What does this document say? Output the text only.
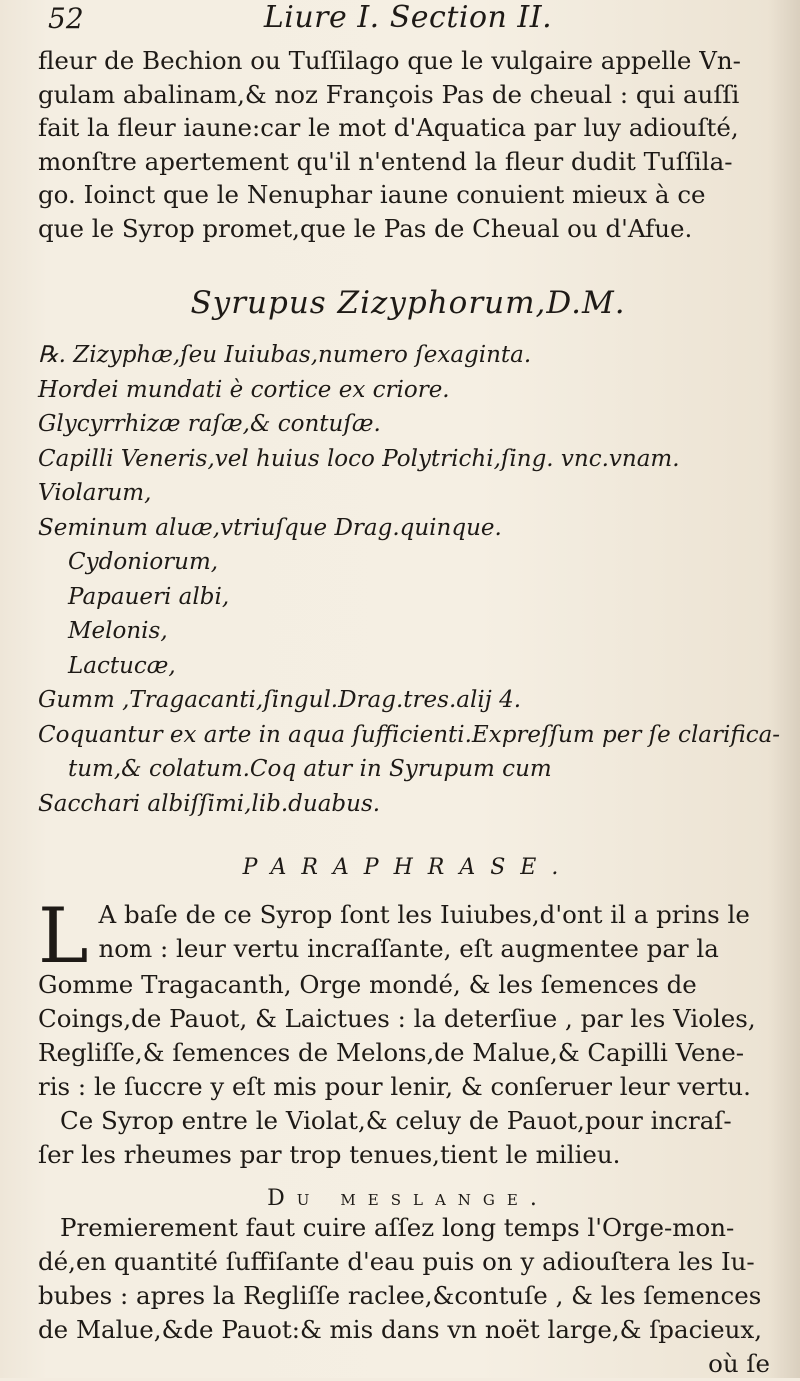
52	Liure I. Section II.
fleur de Bechion ou Tuſſilago que le vulgaire appelle Vn-
gulam abalinam,& noz François Pas de cheual : qui auſſi
fait la fleur iaune:car le mot d'Aquatica par luy adiouſté,
monſtre apertement qu'il n'entend la fleur dudit Tuſſila-
go. Ioinct que le Nenuphar iaune conuient mieux à ce
que le Syrop promet,que le Pas de Cheual ou d'Afue.
Syrupus Zizyphorum,D.M.
℞. Zizyphæ,ſeu Iuiubas,numero ſexaginta.
Hordei mundati è cortice ex criore.
Glycyrrhizæ raſæ,& contuſæ.
Capilli Veneris,vel huius loco Polytrichi,ſing. vnc.vnam.
Violarum,
Seminum aluæ,vtriuſque Drag.quinque.
Cydoniorum,
Papaueri albi,
Melonis,
Lactucæ,
Gumm ,Tragacanti,ſingul.Drag.tres.alij 4.
Coquantur ex arte in aqua ſufficienti.Expreſſum per ſe clarifica-
tum,& colatum.Coq atur in Syrupum cum
Sacchari albiſſimi,lib.duabus.
PARAPHRASE.
L A baſe de ce Syrop ſont les Iuiubes,d'ont il a prins le
nom : leur vertu incraſſante, eſt augmentee par la
Gomme Tragacanth, Orge mondé, & les ſemences de
Coings,de Pauot, & Laictues : la deterſiue , par les Violes,
Regliſſe,& ſemences de Melons,de Malue,& Capilli Vene-
ris : le ſuccre y eſt mis pour lenir, & conſeruer leur vertu.
Ce Syrop entre le Violat,& celuy de Pauot,pour incraſ-
ſer les rheumes par trop tenues,tient le milieu.
Du meslange.
Premierement faut cuire aſſez long temps l'Orge-mon-
dé,en quantité ſuffiſante d'eau puis on y adiouſtera les Iu-
bubes : apres la Regliſſe raclee,&contuſe , & les ſemences
de Malue,&de Pauot:& mis dans vn noët large,& ſpacieux,
où ſe
